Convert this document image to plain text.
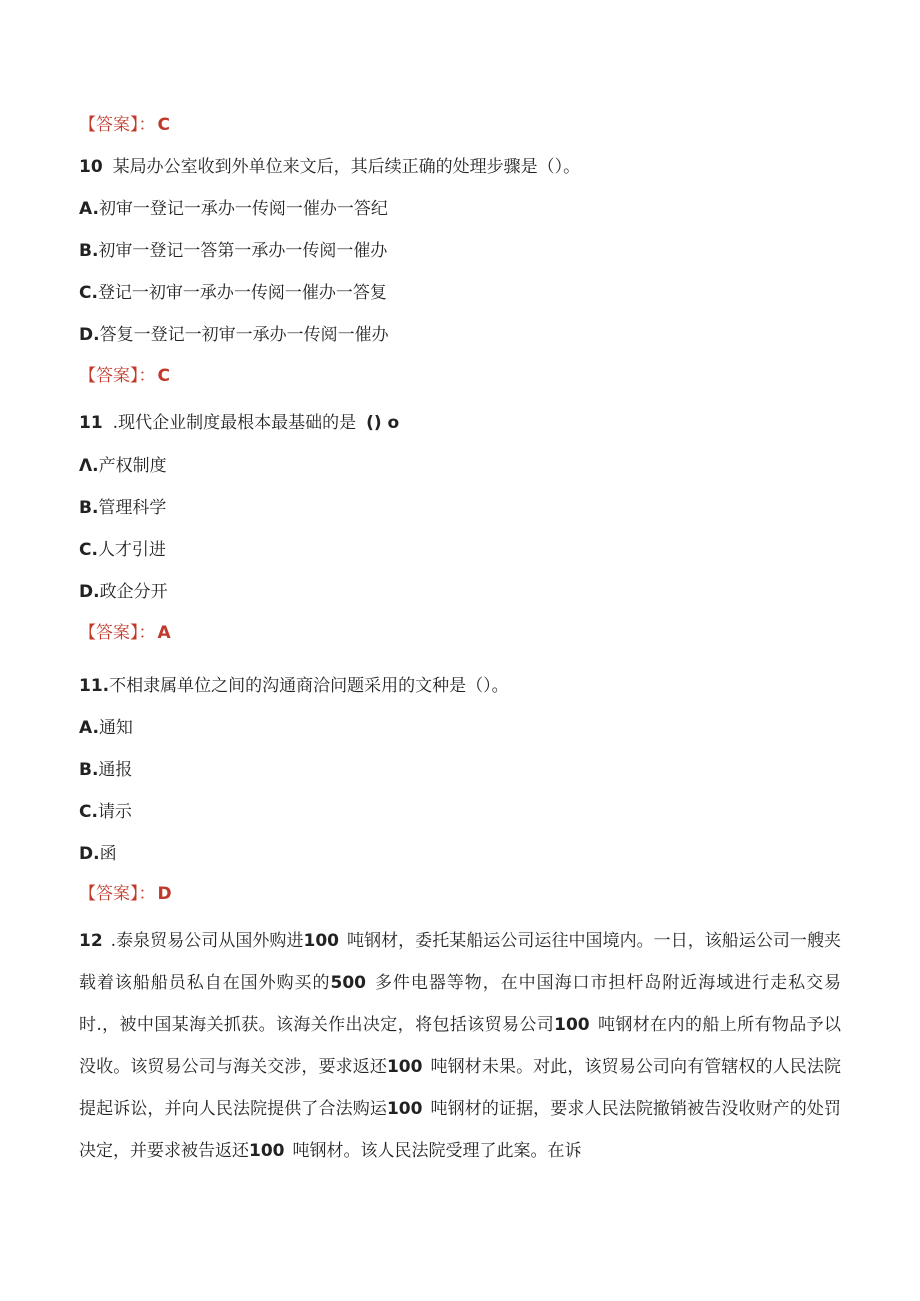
【答案】： C
10 某局办公室收到外单位来文后，其后续正确的处理步骤是（）。
A.初审一登记一承办一传阅一催办一答纪
B.初审一登记一答第一承办一传阅一催办
C.登记一初审一承办一传阅一催办一答复
D.答复一登记一初审一承办一传阅一催办
【答案】： C
11 .现代企业制度最根本最基础的是 () o
Λ.产权制度
B.管理科学
C.人才引进
D.政企分开
【答案】： A
11.不相隶属单位之间的沟通商洽问题采用的文种是（）。
A.通知
B.通报
C.请示
D.函
【答案】： D
12 .泰泉贸易公司从国外购进100 吨钢材，委托某船运公司运往中国境内。一日，该船运公司一艘夹载着该船船员私自在国外购买的500 多件电器等物，在中国海口市担杆岛附近海域进行走私交易时.，被中国某海关抓获。该海关作出决定，将包括该贸易公司100 吨钢材在内的船上所有物品予以没收。该贸易公司与海关交涉，要求返还100 吨钢材未果。对此，该贸易公司向有管辖权的人民法院提起诉讼，并向人民法院提供了合法购运100 吨钢材的证据，要求人民法院撤销被告没收财产的处罚决定，并要求被告返还100 吨钢材。该人民法院受理了此案。在诉
